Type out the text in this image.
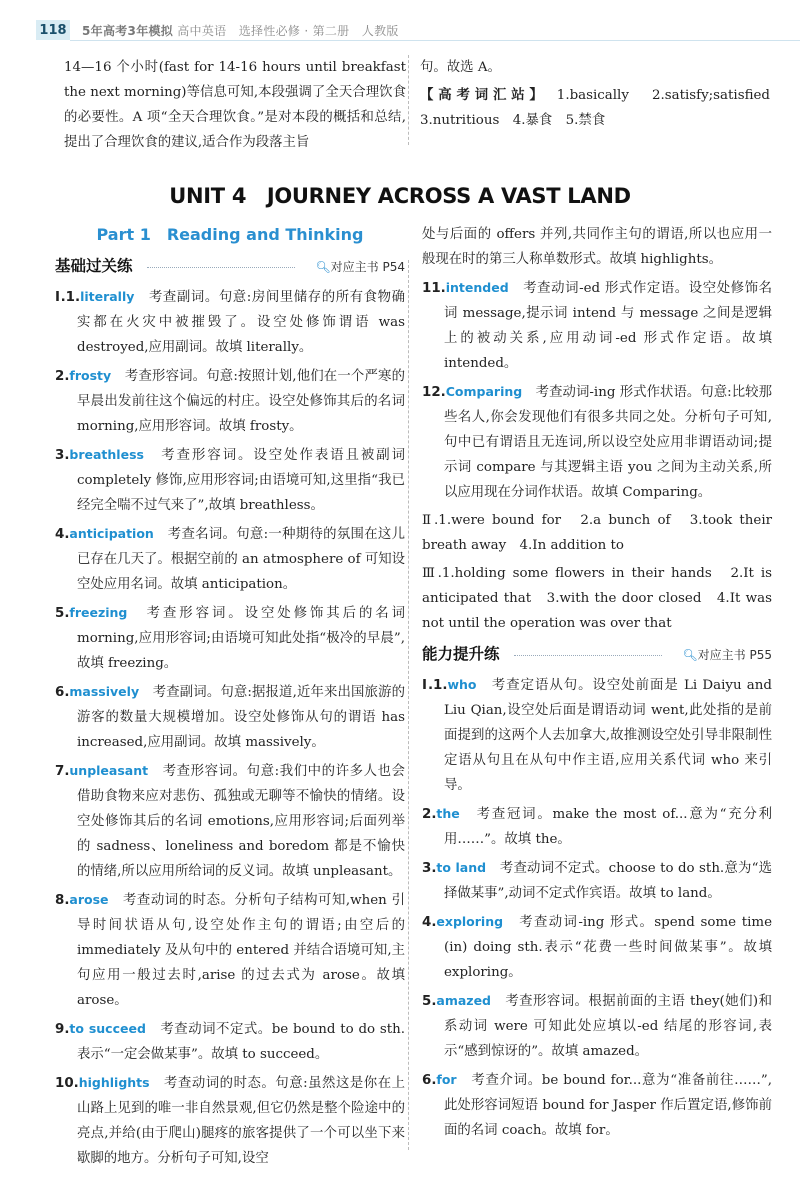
118 5年高考3年模拟 高中英语　选择性必修 · 第二册　人教版

14—16 个小时(fast for 14-16 hours until breakfast the next morning)等信息可知,本段强调了全天合理饮食的必要性。A 项“全天合理饮食。”是对本段的概括和总结,提出了合理饮食的建议,适合作为段落主旨

句。故选 A。

【高考词汇站】 1.basically　2.satisfy;satisfied　3.nutritious　4.暴食　5.禁食

UNIT 4　JOURNEY ACROSS A VAST LAND
Part 1　Reading and Thinking
基础过关练	🔍︎对应主书 P54

Ⅰ.1.literally　考查副词。句意:房间里储存的所有食物确实都在火灾中被摧毁了。设空处修饰谓语 was destroyed,应用副词。故填 literally。

2.frosty　考查形容词。句意:按照计划,他们在一个严寒的早晨出发前往这个偏远的村庄。设空处修饰其后的名词 morning,应用形容词。故填 frosty。

3.breathless　考查形容词。设空处作表语且被副词 completely 修饰,应用形容词;由语境可知,这里指“我已经完全喘不过气来了”,故填 breathless。

4.anticipation　考查名词。句意:一种期待的氛围在这儿已存在几天了。根据空前的 an atmosphere of 可知设空处应用名词。故填 anticipation。

5.freezing　考查形容词。设空处修饰其后的名词 morning,应用形容词;由语境可知此处指“极冷的早晨”,故填 freezing。

6.massively　考查副词。句意:据报道,近年来出国旅游的游客的数量大规模增加。设空处修饰从句的谓语 has increased,应用副词。故填 massively。

7.unpleasant　考查形容词。句意:我们中的许多人也会借助食物来应对悲伤、孤独或无聊等不愉快的情绪。设空处修饰其后的名词 emotions,应用形容词;后面列举的 sadness、loneliness and boredom 都是不愉快的情绪,所以应用所给词的反义词。故填 unpleasant。

8.arose　考查动词的时态。分析句子结构可知,when 引导时间状语从句,设空处作主句的谓语;由空后的 immediately 及从句中的 entered 并结合语境可知,主句应用一般过去时,arise 的过去式为 arose。故填 arose。

9.to succeed　考查动词不定式。be bound to do sth.表示“一定会做某事”。故填 to succeed。

10.highlights　考查动词的时态。句意:虽然这是你在上山路上见到的唯一非自然景观,但它仍然是整个险途中的亮点,并给(由于爬山)腿疼的旅客提供了一个可以坐下来歇脚的地方。分析句子可知,设空

处与后面的 offers 并列,共同作主句的谓语,所以也应用一般现在时的第三人称单数形式。故填 highlights。

11.intended　考查动词-ed 形式作定语。设空处修饰名词 message,提示词 intend 与 message 之间是逻辑上的被动关系,应用动词-ed 形式作定语。故填 intended。

12.Comparing　考查动词-ing 形式作状语。句意:比较那些名人,你会发现他们有很多共同之处。分析句子可知,句中已有谓语且无连词,所以设空处应用非谓语动词;提示词 compare 与其逻辑主语 you 之间为主动关系,所以应用现在分词作状语。故填 Comparing。

Ⅱ.1.were bound for　2.a bunch of　3.took their breath away　4.In addition to

Ⅲ.1.holding some flowers in their hands　2.It is anticipated that　3.with the door closed　4.It was not until the operation was over that

能力提升练	🔍︎对应主书 P55

Ⅰ.1.who　考查定语从句。设空处前面是 Li Daiyu and Liu Qian,设空处后面是谓语动词 went,此处指的是前面提到的这两个人去加拿大,故推测设空处引导非限制性定语从句且在从句中作主语,应用关系代词 who 来引导。

2.the　考查冠词。make the most of...意为“充分利用……”。故填 the。

3.to land　考查动词不定式。choose to do sth.意为“选择做某事”,动词不定式作宾语。故填 to land。

4.exploring　考查动词-ing 形式。spend some time (in) doing sth.表示“花费一些时间做某事”。故填 exploring。

5.amazed　考查形容词。根据前面的主语 they(她们)和系动词 were 可知此处应填以-ed 结尾的形容词,表示“感到惊讶的”。故填 amazed。

6.for　考查介词。be bound for...意为“准备前往……”,此处形容词短语 bound for Jasper 作后置定语,修饰前面的名词 coach。故填 for。
